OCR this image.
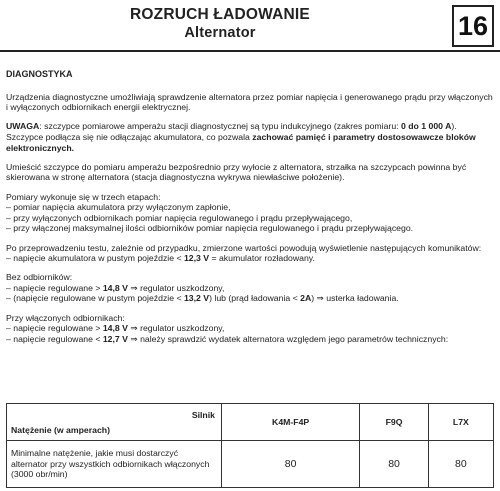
ROZRUCH ŁADOWANIE
Alternator	16

DIAGNOSTYKA

Urządzenia diagnostyczne umożliwiają sprawdzenie alternatora przez pomiar napięcia i generowanego prądu przy włączonych i wyłączonych odbiornikach energii elektrycznej.

UWAGA: szczypce pomiarowe amperażu stacji diagnostycznej są typu indukcyjnego (zakres pomiaru: 0 do 1 000 A). Szczypce podłącza się nie odłączając akumulatora, co pozwala zachować pamięć i parametry dostosowawcze bloków elektronicznych.

Umieścić szczypce do pomiaru amperażu bezpośrednio przy wyłocie z alternatora, strzałka na szczypcach powinna być skierowana w stronę alternatora (stacja diagnostyczna wykrywa niewłaściwe położenie).

Pomiary wykonuje się w trzech etapach:
– pomiar napięcia akumulatora przy wyłączonym zapłonie,
– przy wyłączonych odbiornikach pomiar napięcia regulowanego i prądu przepływającego,
– przy włączonej maksymalnej ilości odbiorników pomiar napięcia regulowanego i prądu przepływającego.

Po przeprowadzeniu testu, zależnie od przypadku, zmierzone wartości powodują wyświetlenie następujących komunikatów:
– napięcie akumulatora w pustym pojeździe < 12,3 V = akumulator rozładowany.

Bez odbiorników:
– napięcie regulowane > 14,8 V ⇒ regulator uszkodzony,
– (napięcie regulowane w pustym pojeździe < 13,2 V) lub (prąd ładowania < 2A) ⇒ usterka ładowania.

Przy włączonych odbiornikach:
– napięcie regulowane > 14,8 V ⇒ regulator uszkodzony,
– napięcie regulowane < 12,7 V ⇒ należy sprawdzić wydatek alternatora względem jego parametrów technicznych:

Silnik
Natężenie (w amperach)	K4M-F4P	F9Q	L7X
Minimalne natężenie, jakie musi dostarczyć alternator przy wszystkich odbiornikach włączonych (3000 obr/min)	80	80	80
